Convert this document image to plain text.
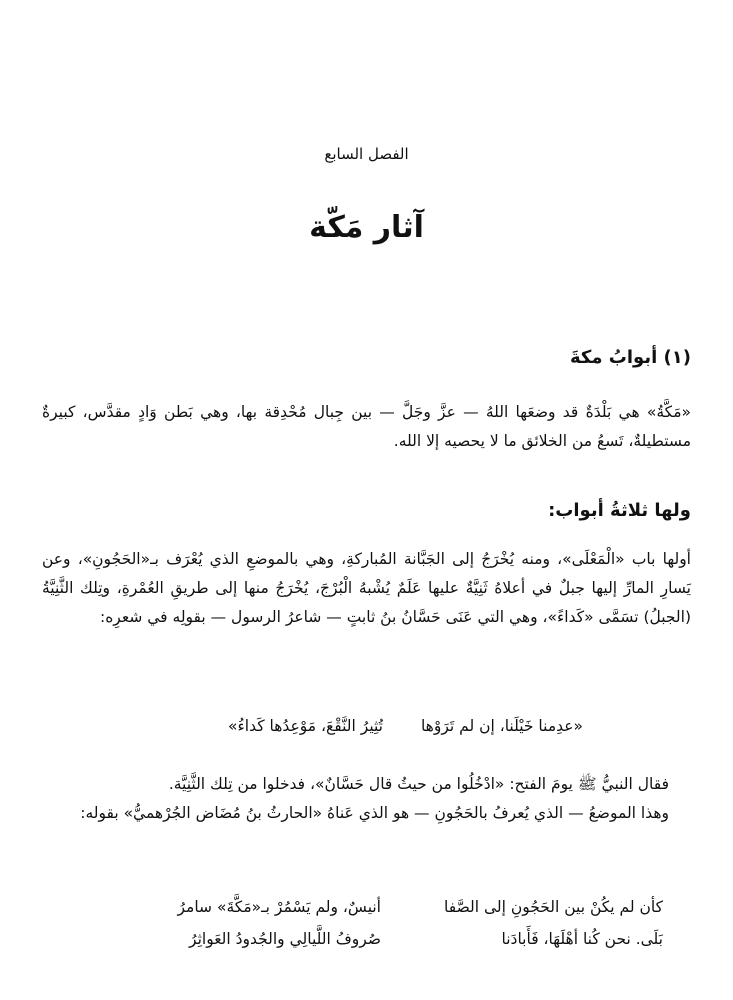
الفصل السابع
آثار مَكّة
(١) أبوابُ مكةَ
«مَكَّةُ» هي بَلْدَةٌ قد وضعَها اللهُ — عزَّ وجَلَّ — بين جِبال مُحْدِقة بها، وهي بَطن وَادٍ مقدَّس، كبيرةٌ مستطيلةٌ، تَسعُ من الخلائق ما لا يحصيه إلا الله.
ولها ثلاثةُ أبواب:
أولها باب «الْمَعْلَى»، ومنه يُخْرَجُ إلى الجَبَّانة المُباركةِ، وهي بالموضعِ الذي يُعْرَف بـ«الحَجُونِ»، وعن يَسارِ المارِّ إليها جبلٌ في أعلاهُ ثَنِيَّةٌ عليها عَلَمٌ يُشْبهُ الْبُرْجَ، يُخْرَجُ منها إلى طريقِ العُمْرةِ، وتِلك الثَّنِيَّةُ (الجبلُ) تسَمَّى «كَداءً»، وهي التي عَنَى حَسَّانُ بنُ ثابتٍ — شاعرُ الرسول — بقولِه في شعرِه:
«عدِمنا خَيْلَنا، إن لم تَرَوْها
تُثِيرُ النَّقْعَ، مَوْعِدُها كَداءُ»
فقال النبيُّ ﷺ يومَ الفتح: «ادْخُلُوا من حيثُ قال حَسَّانٌ»، فدخلوا من تِلك الثَّنِيَّة.
وهذا الموضعُ — الذي يُعرفُ بالحَجُونِ — هو الذي عَناهُ «الحارثُ بنُ مُضَاض الجُرْهميُّ» بقوله:
كأن لم يكُنْ بين الحَجُونِ إلى الصَّفا
أنيسٌ، ولم يَسْمُرْ بـ«مَكَّةَ» سامرُ
بَلَى. نحن كُنا أهْلَهَا، فَأَبادَنا
صُروفُ اللَّيالِي والجُدودُ العَواثِرُ
